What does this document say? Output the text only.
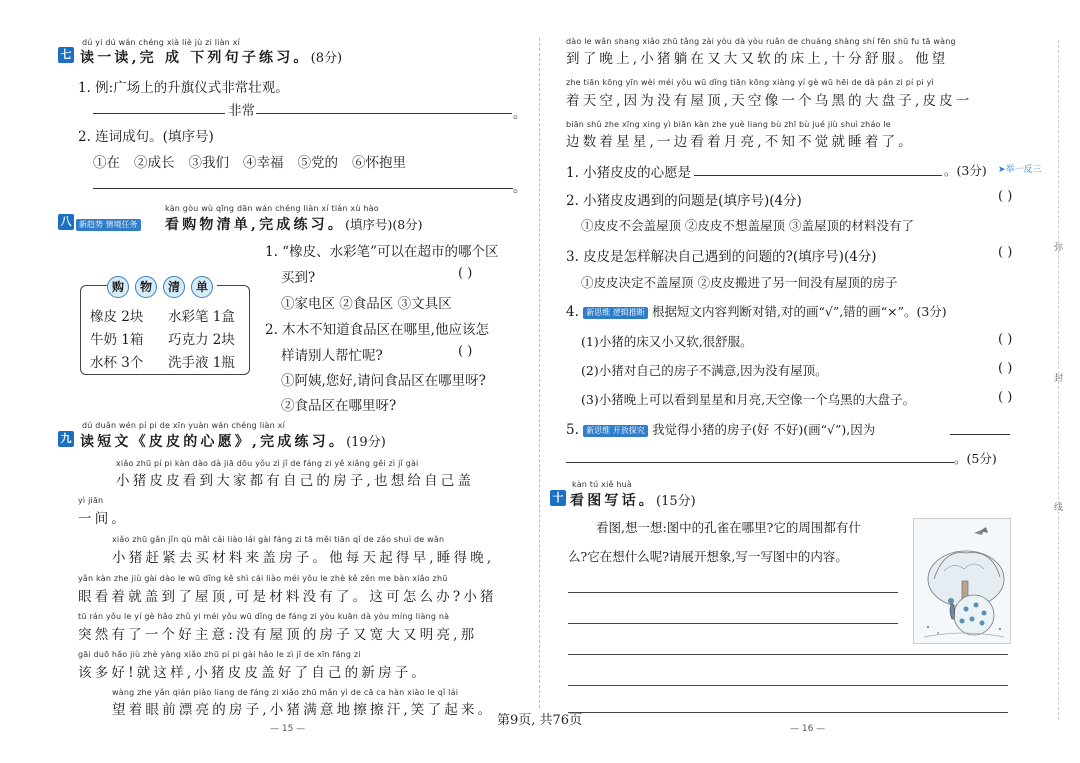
dú yi dú wán chéng xià liè jù zi liàn xí
七 读一读,完 成 下列句子练习。(8分)
1. 例:广场上的升旗仪式非常壮观。
非常	。
2. 连词成句。(填序号)
①在 ②成长 ③我们 ④幸福 ⑤党的 ⑥怀抱里
。
kàn gòu wù qīng dān wán chéng liàn xí tián xù hào
八 新趋势 情境任务 看购物清单,完成练习。(填序号)(8分)
购	物	清	单
橡皮 2块 水彩笔 1盒
牛奶 1箱 巧克力 2块
水杯 3个 洗手液 1瓶
1. “橡皮、水彩笔”可以在超市的哪个区
买到?	( )
①家电区 ②食品区 ③文具区
2. 木木不知道食品区在哪里,他应该怎
样请别人帮忙呢?	( )
①阿姨,您好,请问食品区在哪里呀?
②食品区在哪里呀?
dú duǎn wén pí pi de xīn yuàn wán chéng liàn xí
九 读短文《皮皮的心愿》,完成练习。(19分)
xiǎo zhū pí pi kàn dào dà jiā dōu yǒu zì jǐ de fáng zi yě xiǎng gěi zì jǐ gài
小猪皮皮看到大家都有自己的房子,也想给自己盖
yì jiān
一间。
xiǎo zhū gǎn jǐn qù mǎi cái liào lái gài fáng zi tā měi tiān qǐ de zǎo shuì de wǎn
小猪赶紧去买材料来盖房子。他每天起得早,睡得晚,
yǎn kàn zhe jiù gài dào le wū dǐng kě shì cái liào méi yǒu le zhè kě zěn me bàn xiǎo zhū
眼看着就盖到了屋顶,可是材料没有了。这可怎么办?小猪
tū rán yǒu le yí gè hǎo zhǔ yi méi yǒu wū dǐng de fáng zi yòu kuān dà yòu míng liàng nà
突然有了一个好主意:没有屋顶的房子又宽大又明亮,那
gāi duō hǎo jiù zhè yàng xiǎo zhū pí pi gài hǎo le zì jǐ de xīn fáng zi
该多好!就这样,小猪皮皮盖好了自己的新房子。
wàng zhe yǎn qián piào liang de fáng zi xiǎo zhū mǎn yì de cā ca hàn xiào le qǐ lái
望着眼前漂亮的房子,小猪满意地擦擦汗,笑了起来。
— 15 —
dào le wǎn shang xiǎo zhū tǎng zài yòu dà yòu ruǎn de chuáng shàng shí fēn shū fu tā wàng
到了晚上,小猪躺在又大又软的床上,十分舒服。他望
zhe tiān kōng yīn wèi méi yǒu wū dǐng tiān kōng xiàng yí gè wū hēi de dà pán zi pí pi yì
着天空,因为没有屋顶,天空像一个乌黑的大盘子,皮皮一
biān shǔ zhe xīng xing yì biān kàn zhe yuè liang bù zhī bù jué jiù shuì zháo le
边数着星星,一边看着月亮,不知不觉就睡着了。
1. 小猪皮皮的心愿是	。(3分) ➤举一反三
2. 小猪皮皮遇到的问题是(填序号)(4分)	( )
①皮皮不会盖屋顶 ②皮皮不想盖屋顶 ③盖屋顶的材料没有了
3. 皮皮是怎样解决自己遇到的问题的?(填序号)(4分)	( )
①皮皮决定不盖屋顶 ②皮皮搬进了另一间没有屋顶的房子
4. 新思维 逻辑推断 根据短文内容判断对错,对的画“√”,错的画“×”。(3分)
(1)小猪的床又小又软,很舒服。	( )
(2)小猪对自己的房子不满意,因为没有屋顶。	( )
(3)小猪晚上可以看到星星和月亮,天空像一个乌黑的大盘子。	( )
5. 新思维 开放探究 我觉得小猪的房子(好 不好)(画“√”),因为
。(5分)
kàn tú xiě huà
十 看图写话。(15分)
看图,想一想:图中的孔雀在哪里?它的周围都有什
么?它在想什么呢?请展开想象,写一写图中的内容。
弥
封
线
— 16 —
第9页, 共76页
